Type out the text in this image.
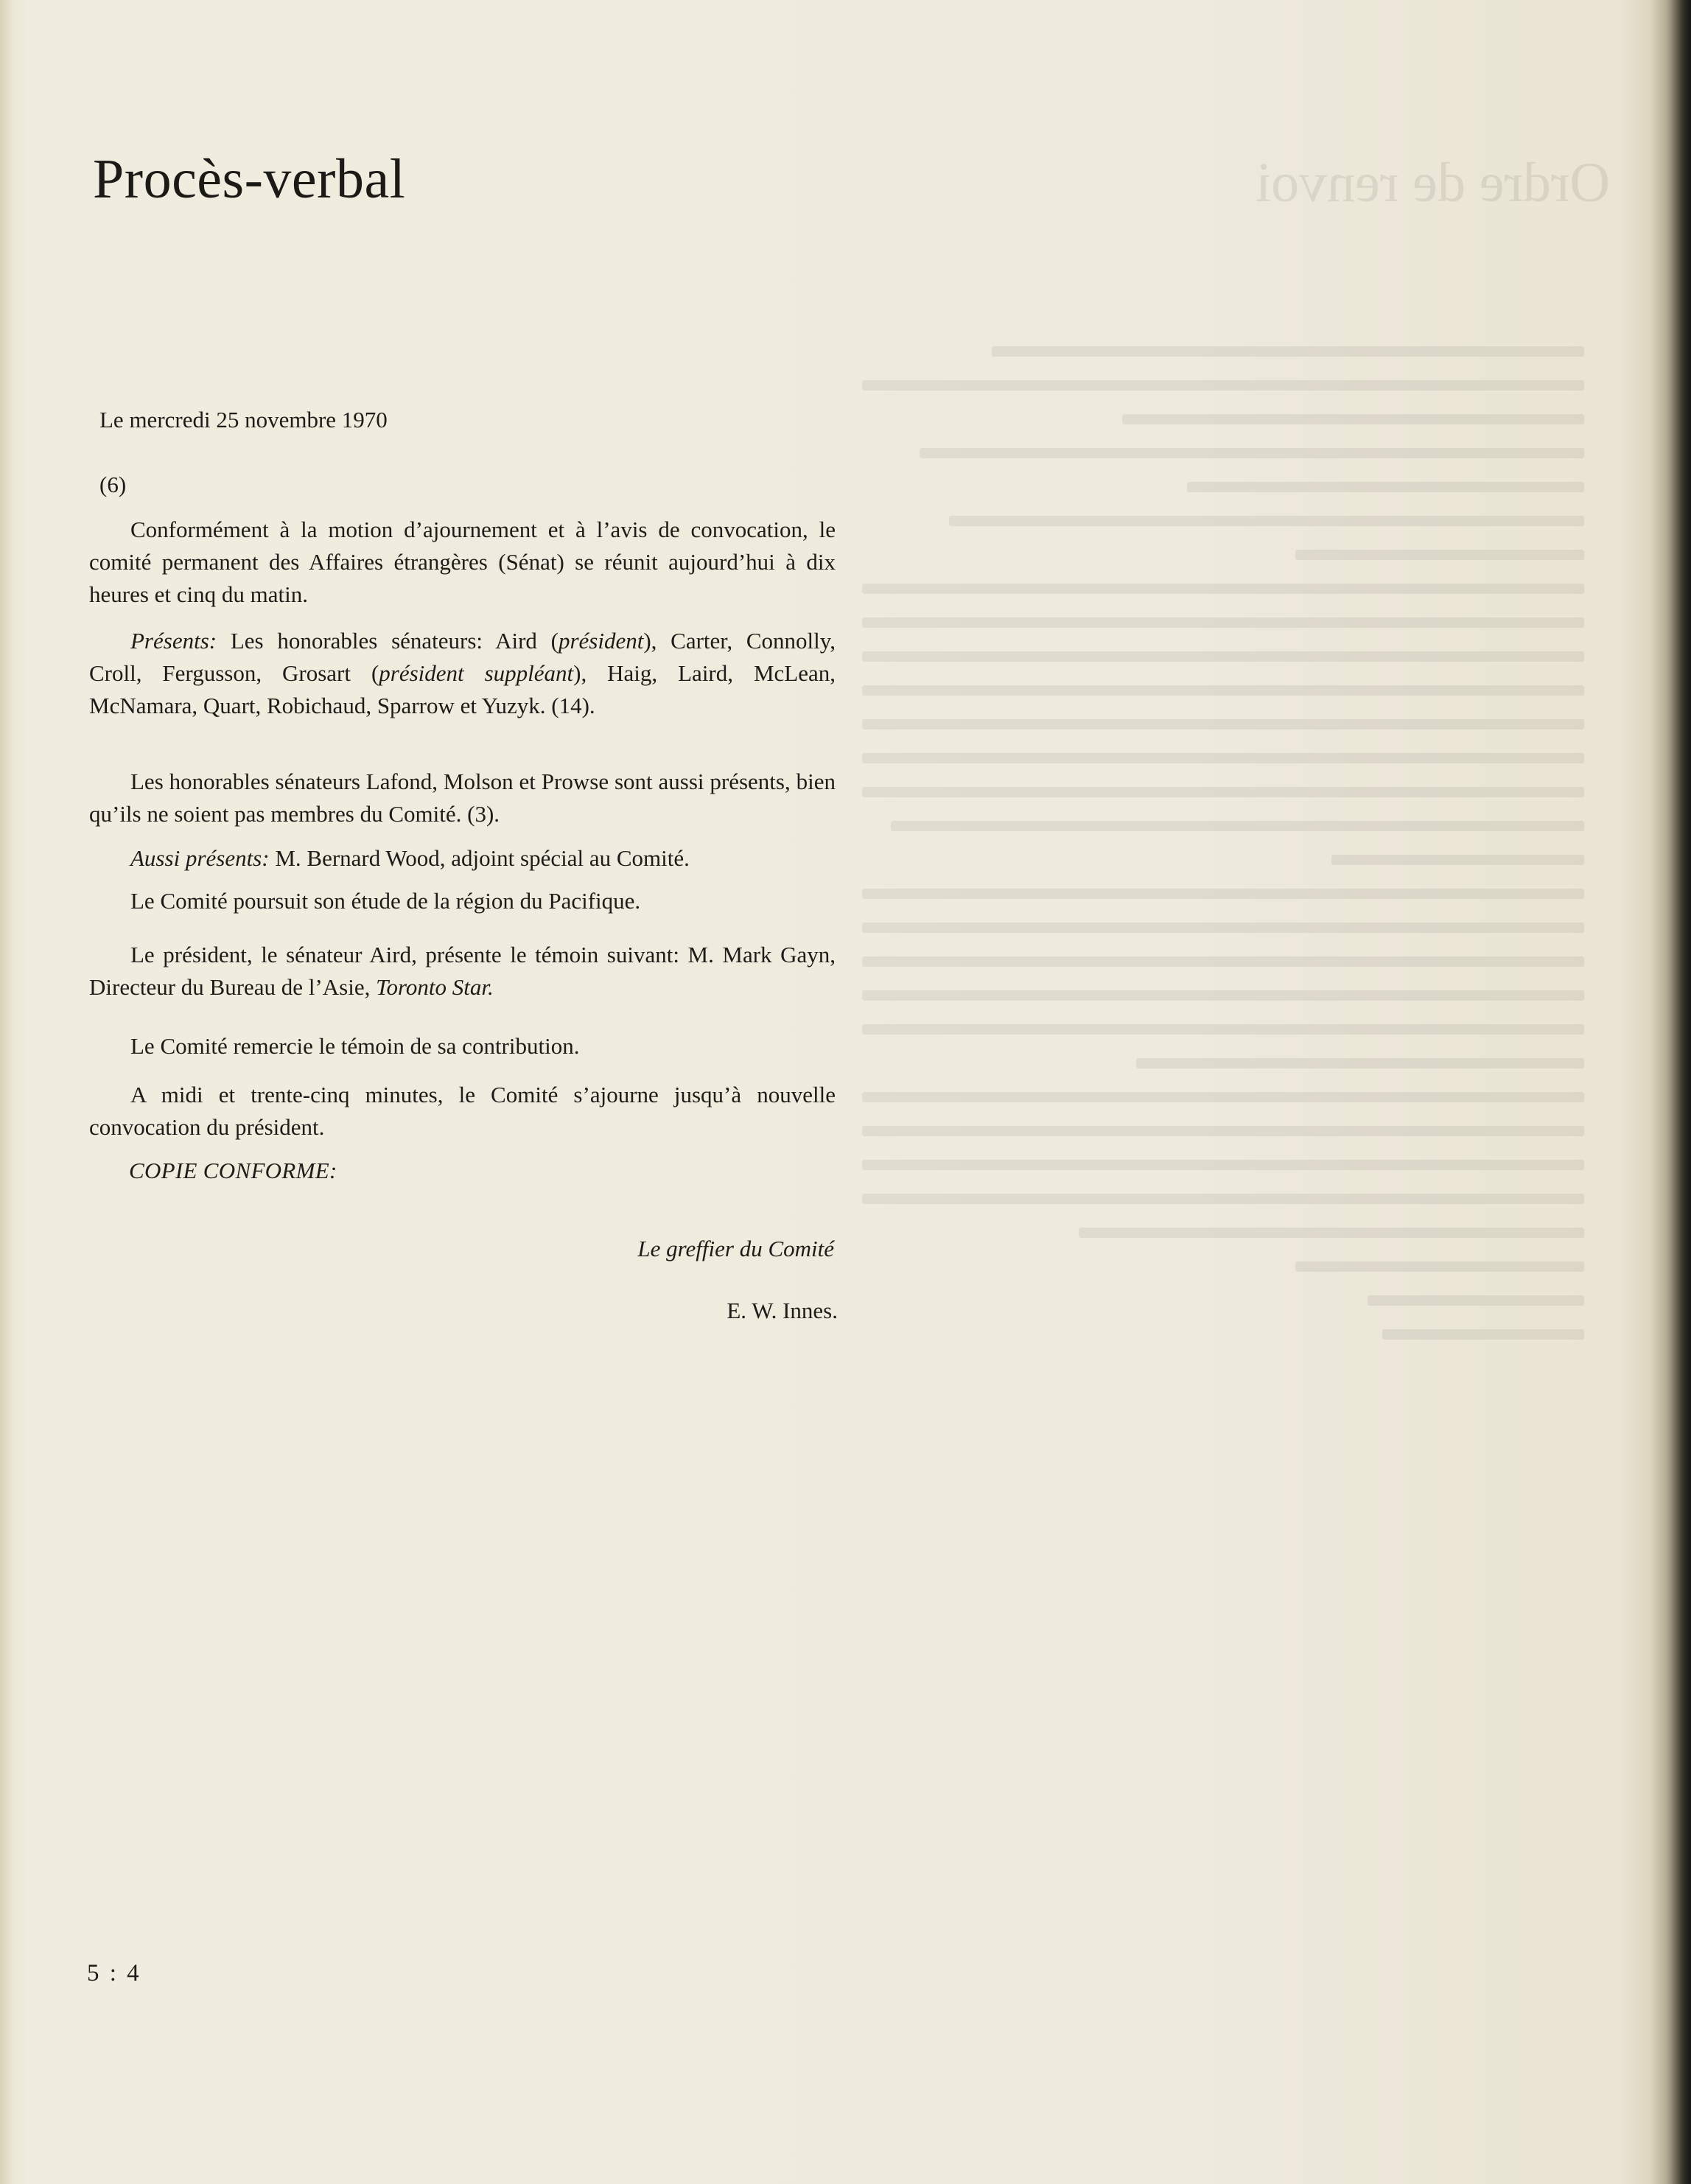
Ordre de renvoi
Procès-verbal
Le mercredi 25 novembre 1970
(6)

Conformément à la motion d’ajournement et à l’avis de convocation, le comité permanent des Affaires étrangères (Sénat) se réunit aujourd’hui à dix heures et cinq du matin.

Présents: Les honorables sénateurs: Aird (président), Carter, Connolly, Croll, Fergusson, Grosart (président suppléant), Haig, Laird, McLean, McNamara, Quart, Robichaud, Sparrow et Yuzyk. (14).

Les honorables sénateurs Lafond, Molson et Prowse sont aussi présents, bien qu’ils ne soient pas membres du Comité. (3).

Aussi présents: M. Bernard Wood, adjoint spécial au Comité.

Le Comité poursuit son étude de la région du Pacifique.

Le président, le sénateur Aird, présente le témoin suivant: M. Mark Gayn, Directeur du Bureau de l’Asie, Toronto Star.

Le Comité remercie le témoin de sa contribution.

A midi et trente-cinq minutes, le Comité s’ajourne jusqu’à nouvelle convocation du président.

COPIE CONFORME:
Le greffier du Comité
E. W. Innes.
5 : 4
